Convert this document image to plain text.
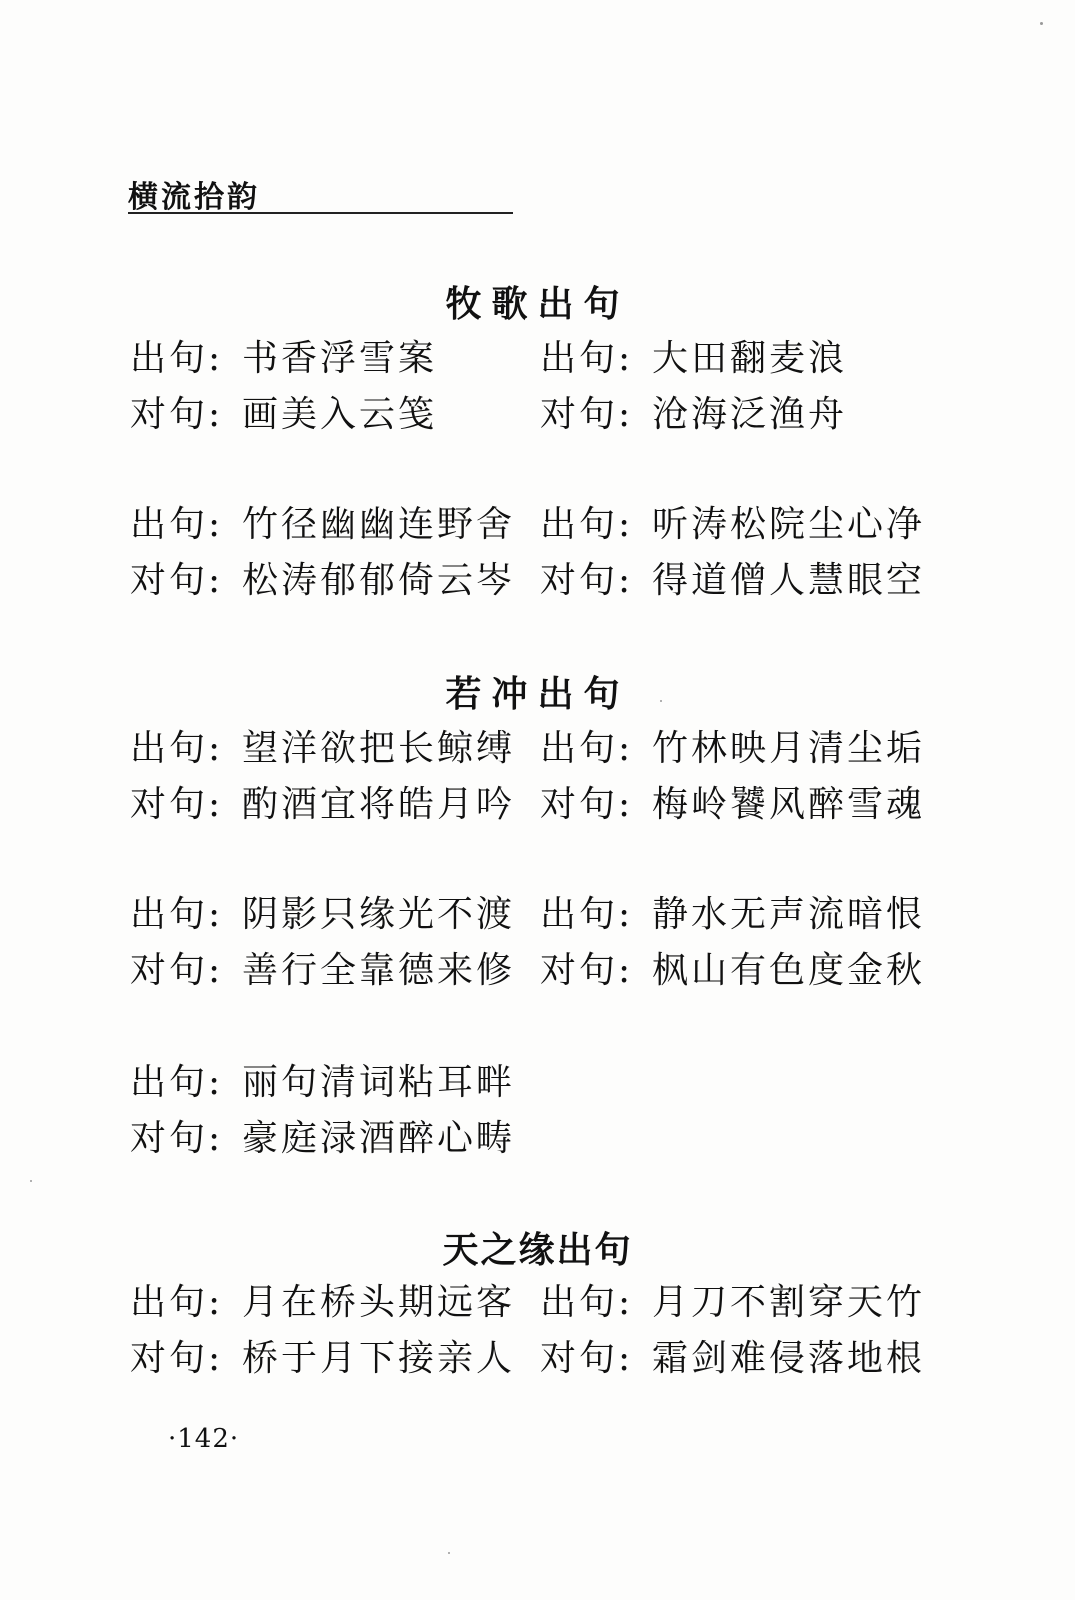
横流拾韵
牧歌出句
出句: 书香浮雪案	出句: 大田翻麦浪
对句: 画美入云笺	对句: 沧海泛渔舟
出句: 竹径幽幽连野舍 出句: 听涛松院尘心净
对句: 松涛郁郁倚云岑 对句: 得道僧人慧眼空
若冲出句
出句: 望洋欲把长鲸缚 出句: 竹林映月清尘垢
对句: 酌酒宜将皓月吟 对句: 梅岭饕风醉雪魂
出句: 阴影只缘光不渡 出句: 静水无声流暗恨
对句: 善行全靠德来修 对句: 枫山有色度金秋
出句: 丽句清词粘耳畔
对句: 豪庭渌酒醉心畴
天之缘出句
出句: 月在桥头期远客 出句: 月刀不割穿天竹
对句: 桥于月下接亲人 对句: 霜剑难侵落地根
·142·
